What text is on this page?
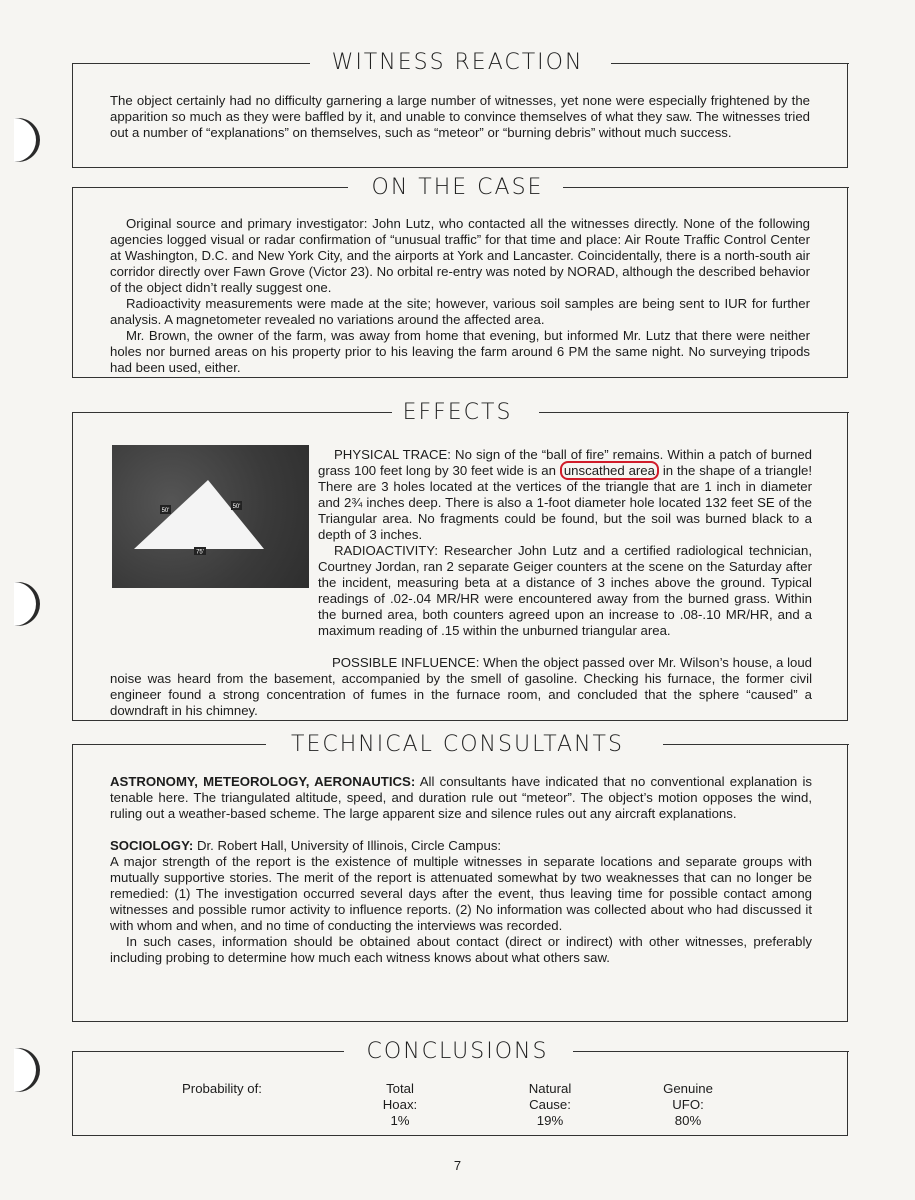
WITNESS REACTION

The object certainly had no difficulty garnering a large number of witnesses, yet none were especially frightened by the apparition so much as they were baffled by it, and unable to convince themselves of what they saw. The witnesses tried out a number of “explanations” on themselves, such as “meteor” or “burning debris” without much success.

ON THE CASE

Original source and primary investigator: John Lutz, who contacted all the witnesses directly. None of the following agencies logged visual or radar confirmation of “unusual traffic” for that time and place: Air Route Traffic Control Center at Washington, D.C. and New York City, and the airports at York and Lancaster. Coincidentally, there is a north-south air corridor directly over Fawn Grove (Victor 23). No orbital re-entry was noted by NORAD, although the described behavior of the object didn’t really suggest one.

Radioactivity measurements were made at the site; however, various soil samples are being sent to IUR for further analysis. A magnetometer revealed no variations around the affected area.

Mr. Brown, the owner of the farm, was away from home that evening, but informed Mr. Lutz that there were neither holes nor burned areas on his property prior to his leaving the farm around 6 PM the same night. No surveying tripods had been used, either.

EFFECTS
50'
50'
75'

PHYSICAL TRACE: No sign of the “ball of fire” remains. Within a patch of burned grass 100 feet long by 30 feet wide is an unscathed area in the shape of a triangle! There are 3 holes located at the vertices of the triangle that are 1 inch in diameter and 2¾ inches deep. There is also a 1-foot diameter hole located 132 feet SE of the Triangular area. No fragments could be found, but the soil was burned black to a depth of 3 inches.

RADIOACTIVITY: Researcher John Lutz and a certified radiological technician, Courtney Jordan, ran 2 separate Geiger counters at the scene on the Saturday after the incident, measuring beta at a distance of 3 inches above the ground. Typical readings of .02-.04 MR/HR were encountered away from the burned grass. Within the burned area, both counters agreed upon an increase to .08-.10 MR/HR, and a maximum reading of .15 within the unburned triangular area.

POSSIBLE INFLUENCE: When the object passed over Mr. Wilson’s house, a loud noise was heard from the basement, accompanied by the smell of gasoline. Checking his furnace, the former civil engineer found a strong concentration of fumes in the furnace room, and concluded that the sphere “caused” a downdraft in his chimney.

TECHNICAL CONSULTANTS

ASTRONOMY, METEOROLOGY, AERONAUTICS: All consultants have indicated that no conventional explanation is tenable here. The triangulated altitude, speed, and duration rule out “meteor”. The object’s motion opposes the wind, ruling out a weather-based scheme. The large apparent size and silence rules out any aircraft explanations.

SOCIOLOGY: Dr. Robert Hall, University of Illinois, Circle Campus:

A major strength of the report is the existence of multiple witnesses in separate locations and separate groups with mutually supportive stories. The merit of the report is attenuated somewhat by two weaknesses that can no longer be remedied: (1) The investigation occurred several days after the event, thus leaving time for possible contact among witnesses and possible rumor activity to influence reports. (2) No information was collected about who had discussed it with whom and when, and no time of conducting the interviews was recorded.

In such cases, information should be obtained about contact (direct or indirect) with other witnesses, preferably including probing to determine how much each witness knows about what others saw.

CONCLUSIONS

Probability of:	Total
Hoax:
1%
Natural
Cause:
19%
Genuine
UFO:
80%
7
